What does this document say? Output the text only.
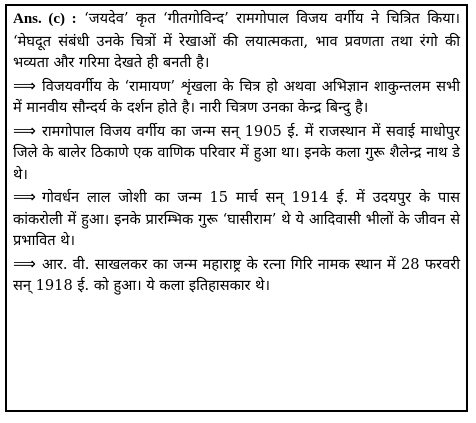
Ans. (c) : ‘जयदेव’ कृत ‘गीतगोविन्द’ रामगोपाल विजय वर्गीय ने चित्रित किया। ‘मेघदूत संबंधी उनके चित्रों में रेखाओं की लयात्मकता, भाव प्रवणता तथा रंगो की भव्यता और गरिमा देखते ही बनती है।

⟹ विजयवर्गीय के ‘रामायण’ शृंखला के चित्र हो अथवा अभिज्ञान शाकुन्तलम सभी में मानवीय सौन्दर्य के दर्शन होते है। नारी चित्रण उनका केन्द्र बिन्दु है।

⟹ रामगोपाल विजय वर्गीय का जन्म सन् 1905 ई. में राजस्थान में सवाई माधोपुर जिले के बालेर ठिकाणे एक वाणिक परिवार में हुआ था। इनके कला गुरू शैलेन्द्र नाथ डे थे।

⟹ गोवर्धन लाल जोशी का जन्म 15 मार्च सन् 1914 ई. में उदयपुर के पास कांकरोली में हुआ। इनके प्रारम्भिक गुरू ‘घासीराम’ थे ये आदिवासी भीलों के जीवन से प्रभावित थे।

⟹ आर. वी. साखलकर का जन्म महाराष्ट्र के रत्ना गिरि नामक स्थान में 28 फरवरी सन् 1918 ई. को हुआ। ये कला इतिहासकार थे।
